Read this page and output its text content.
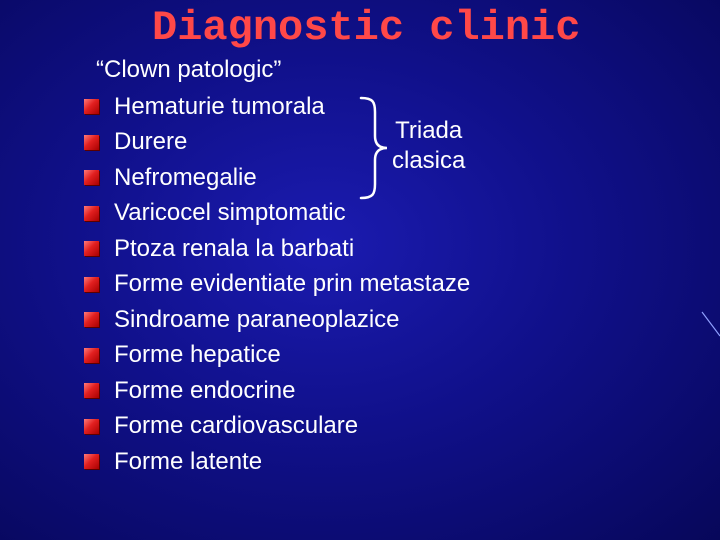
Diagnostic clinic
“Clown patologic”
Hematurie tumorala
Durere
Nefromegalie
Varicocel simptomatic
Ptoza renala la barbati
Forme evidentiate prin metastaze
Sindroame paraneoplazice
Forme hepatice
Forme endocrine
Forme cardiovasculare
Forme latente
Triada
clasica
